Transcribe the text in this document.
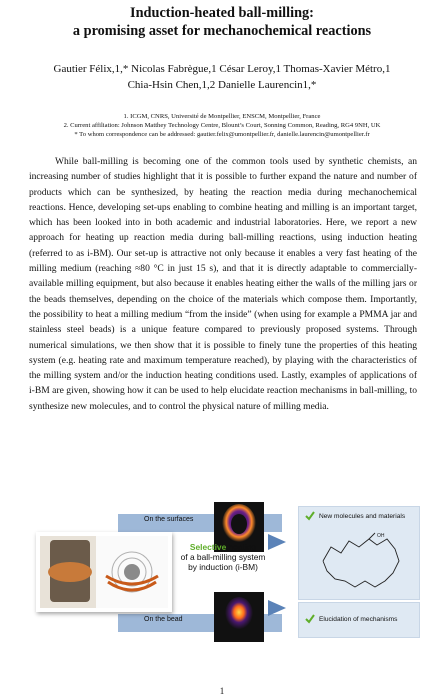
Induction-heated ball-milling:
a promising asset for mechanochemical reactions
Gautier Félix,1,* Nicolas Fabrègue,1 César Leroy,1 Thomas-Xavier Métro,1
Chia-Hsin Chen,1,2 Danielle Laurencin1,*
1. ICGM, CNRS, Université de Montpellier, ENSCM, Montpellier, France
2. Current affiliation: Johnson Matthey Technology Centre, Blount’s Court, Sonning Common, Reading, RG4 9NH, UK
* To whom correspondence can be addressed: gautier.felix@umontpellier.fr, danielle.laurencin@umontpellier.fr

While ball-milling is becoming one of the common tools used by synthetic chemists, an increasing number of studies highlight that it is possible to further expand the nature and number of products which can be synthesized, by heating the reaction media during mechanochemical reactions. Hence, developing set-ups enabling to combine heating and milling is an important target, which has been looked into in both academic and industrial laboratories. Here, we report a new approach for heating up reaction media during ball-milling reactions, using induction heating (referred to as i-BM). Our set-up is attractive not only because it enables a very fast heating of the milling medium (reaching ≈80 °C in just 15 s), and that it is directly adaptable to commercially-available milling equipment, but also because it enables heating either the walls of the milling jars or the beads themselves, depending on the choice of the materials which compose them. Importantly, the possibility to heat a milling medium “from the inside” (when using for example a PMMA jar and stainless steel beads) is a unique feature compared to previously proposed systems. Through numerical simulations, we then show that it is possible to finely tune the properties of this heating system (e.g. heating rate and maximum temperature reached), by playing with the characteristics of the milling system and/or the induction heating conditions used. Lastly, examples of applications of i-BM are given, showing how it can be used to help elucidate reaction mechanisms in ball-milling, to synthesize new molecules, and to control the physical nature of milling media.

On the surfaces
On the bead
Selective heating
of a ball-milling system
by induction (i-BM)
New molecules and materials
OH
Elucidation of mechanisms
1
